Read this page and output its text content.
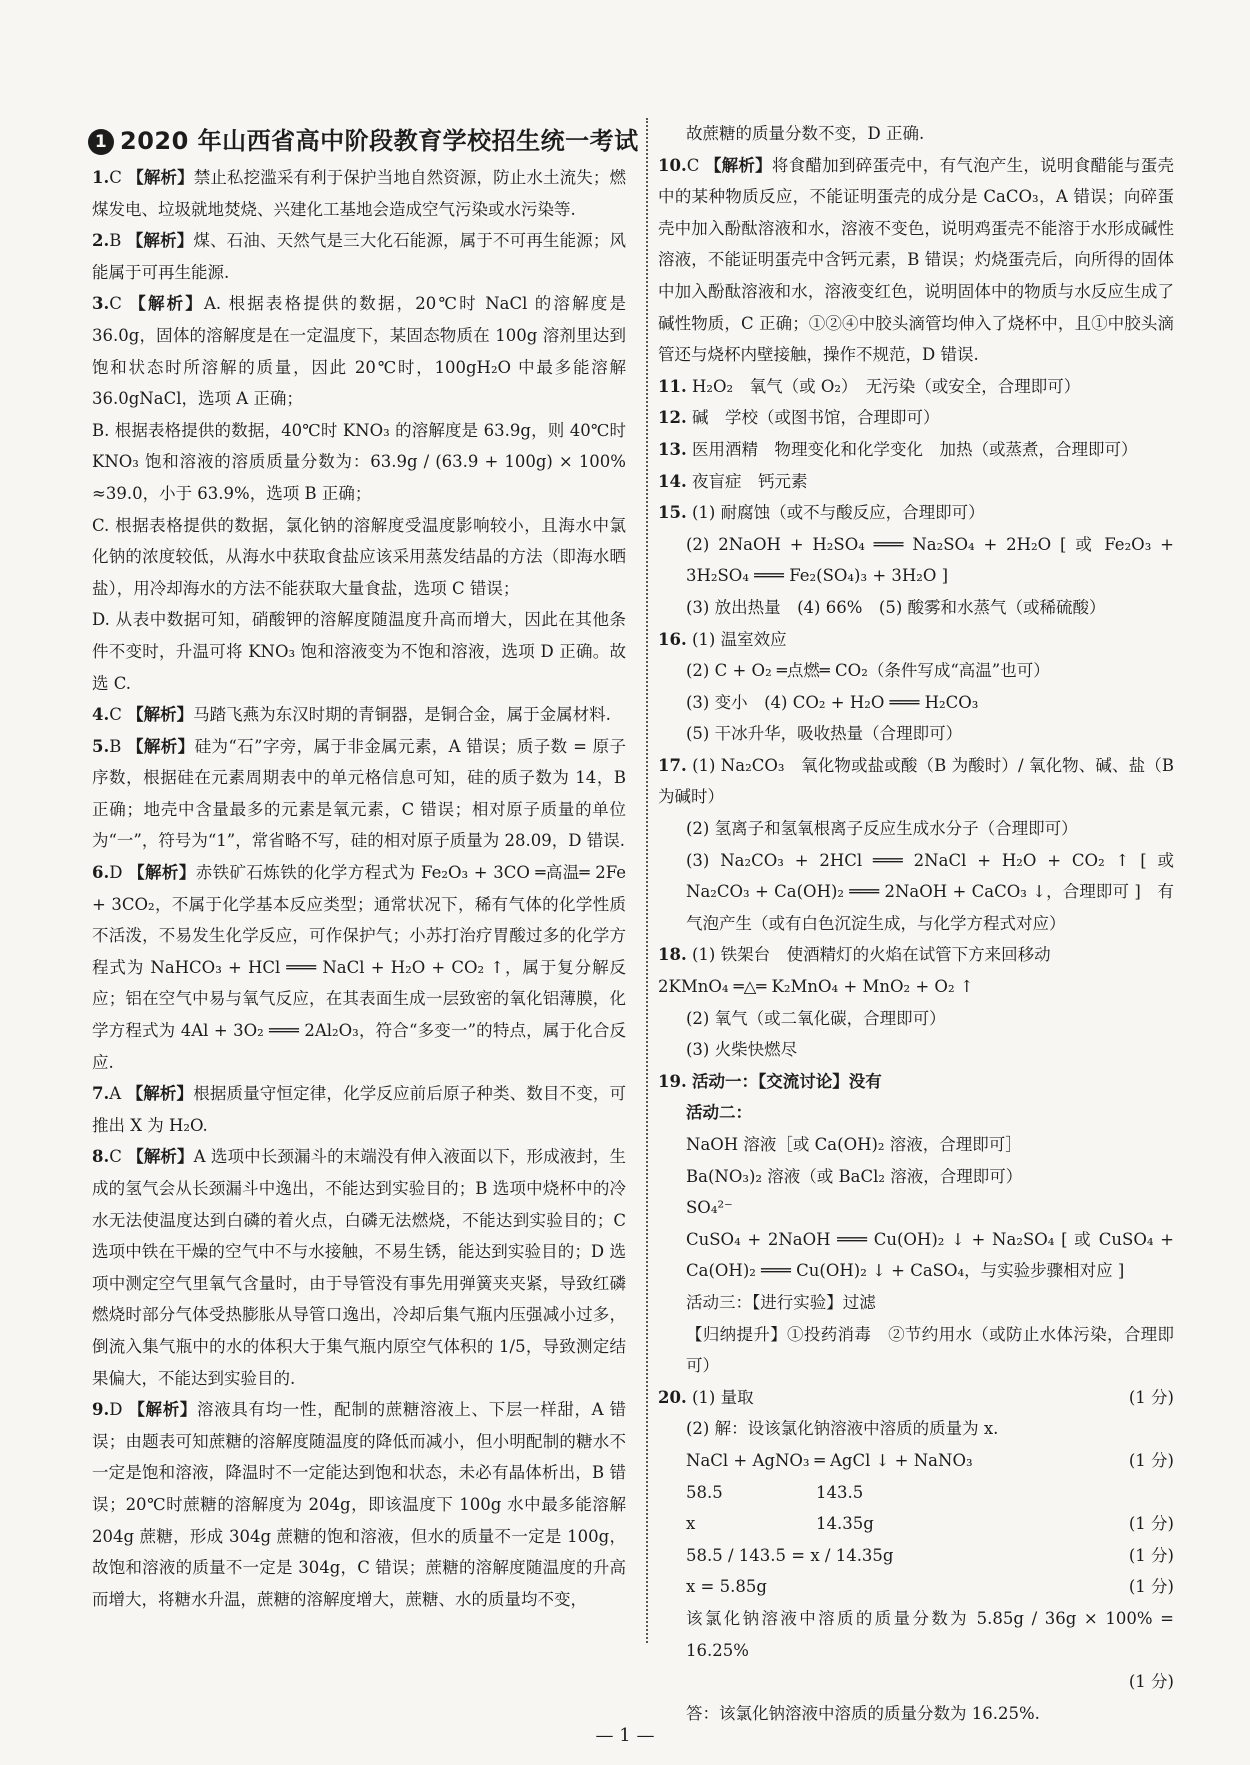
1 2020 年山西省高中阶段教育学校招生统一考试
1.C 【解析】禁止私挖滥采有利于保护当地自然资源，防止水土流失；燃煤发电、垃圾就地焚烧、兴建化工基地会造成空气污染或水污染等.
2.B 【解析】煤、石油、天然气是三大化石能源，属于不可再生能源；风能属于可再生能源.
3.C 【解析】A. 根据表格提供的数据，20℃时 NaCl 的溶解度是 36.0g，固体的溶解度是在一定温度下，某固态物质在 100g 溶剂里达到饱和状态时所溶解的质量，因此 20℃时，100gH₂O 中最多能溶解 36.0gNaCl，选项 A 正确；

B. 根据表格提供的数据，40℃时 KNO₃ 的溶解度是 63.9g，则 40℃时 KNO₃ 饱和溶液的溶质质量分数为：63.9g / (63.9 + 100g) × 100% ≈39.0，小于 63.9%，选项 B 正确；

C. 根据表格提供的数据，氯化钠的溶解度受温度影响较小，且海水中氯化钠的浓度较低，从海水中获取食盐应该采用蒸发结晶的方法（即海水晒盐），用冷却海水的方法不能获取大量食盐，选项 C 错误；

D. 从表中数据可知，硝酸钾的溶解度随温度升高而增大，因此在其他条件不变时，升温可将 KNO₃ 饱和溶液变为不饱和溶液，选项 D 正确。故选 C.

4.C 【解析】马踏飞燕为东汉时期的青铜器，是铜合金，属于金属材料.
5.B 【解析】硅为“石”字旁，属于非金属元素，A 错误；质子数 = 原子序数，根据硅在元素周期表中的单元格信息可知，硅的质子数为 14，B 正确；地壳中含量最多的元素是氧元素，C 错误；相对原子质量的单位为“一”，符号为“1”，常省略不写，硅的相对原子质量为 28.09，D 错误.
6.D 【解析】赤铁矿石炼铁的化学方程式为 Fe₂O₃ + 3CO ═高温═ 2Fe + 3CO₂，不属于化学基本反应类型；通常状况下，稀有气体的化学性质不活泼，不易发生化学反应，可作保护气；小苏打治疗胃酸过多的化学方程式为 NaHCO₃ + HCl ═══ NaCl + H₂O + CO₂ ↑，属于复分解反应；铝在空气中易与氧气反应，在其表面生成一层致密的氧化铝薄膜，化学方程式为 4Al + 3O₂ ═══ 2Al₂O₃，符合“多变一”的特点，属于化合反应.
7.A 【解析】根据质量守恒定律，化学反应前后原子种类、数目不变，可推出 X 为 H₂O.
8.C 【解析】A 选项中长颈漏斗的末端没有伸入液面以下，形成液封，生成的氢气会从长颈漏斗中逸出，不能达到实验目的；B 选项中烧杯中的冷水无法使温度达到白磷的着火点，白磷无法燃烧，不能达到实验目的；C 选项中铁在干燥的空气中不与水接触，不易生锈，能达到实验目的；D 选项中测定空气里氧气含量时，由于导管没有事先用弹簧夹夹紧，导致红磷燃烧时部分气体受热膨胀从导管口逸出，冷却后集气瓶内压强减小过多，倒流入集气瓶中的水的体积大于集气瓶内原空气体积的 1/5，导致测定结果偏大，不能达到实验目的.
9.D 【解析】溶液具有均一性，配制的蔗糖溶液上、下层一样甜，A 错误；由题表可知蔗糖的溶解度随温度的降低而减小，但小明配制的糖水不一定是饱和溶液，降温时不一定能达到饱和状态，未必有晶体析出，B 错误；20℃时蔗糖的溶解度为 204g，即该温度下 100g 水中最多能溶解 204g 蔗糖，形成 304g 蔗糖的饱和溶液，但水的质量不一定是 100g，故饱和溶液的质量不一定是 304g，C 错误；蔗糖的溶解度随温度的升高而增大，将糖水升温，蔗糖的溶解度增大，蔗糖、水的质量均不变，

故蔗糖的质量分数不变，D 正确.

10.C 【解析】将食醋加到碎蛋壳中，有气泡产生，说明食醋能与蛋壳中的某种物质反应，不能证明蛋壳的成分是 CaCO₃，A 错误；向碎蛋壳中加入酚酞溶液和水，溶液不变色，说明鸡蛋壳不能溶于水形成碱性溶液，不能证明蛋壳中含钙元素，B 错误；灼烧蛋壳后，向所得的固体中加入酚酞溶液和水，溶液变红色，说明固体中的物质与水反应生成了碱性物质，C 正确；①②④中胶头滴管均伸入了烧杯中，且①中胶头滴管还与烧杯内壁接触，操作不规范，D 错误.
11. H₂O₂　氧气（或 O₂）　无污染（或安全，合理即可）
12. 碱　学校（或图书馆，合理即可）
13. 医用酒精　物理变化和化学变化　加热（或蒸煮，合理即可）
14. 夜盲症　钙元素
15. (1) 耐腐蚀（或不与酸反应，合理即可）

(2) 2NaOH + H₂SO₄ ═══ Na₂SO₄ + 2H₂O [ 或 Fe₂O₃ + 3H₂SO₄ ═══ Fe₂(SO₄)₃ + 3H₂O ]

(3) 放出热量　(4) 66%　(5) 酸雾和水蒸气（或稀硫酸）

16. (1) 温室效应

(2) C + O₂ ═点燃═ CO₂（条件写成“高温”也可）

(3) 变小　(4) CO₂ + H₂O ═══ H₂CO₃

(5) 干冰升华，吸收热量（合理即可）

17. (1) Na₂CO₃　氧化物或盐或酸（B 为酸时）/ 氧化物、碱、盐（B 为碱时）

(2) 氢离子和氢氧根离子反应生成水分子（合理即可）

(3) Na₂CO₃ + 2HCl ═══ 2NaCl + H₂O + CO₂ ↑ [ 或 Na₂CO₃ + Ca(OH)₂ ═══ 2NaOH + CaCO₃ ↓，合理即可 ]　有气泡产生（或有白色沉淀生成，与化学方程式对应）

18. (1) 铁架台　使酒精灯的火焰在试管下方来回移动

2KMnO₄ ═△═ K₂MnO₄ + MnO₂ + O₂ ↑

(2) 氧气（或二氧化碳，合理即可）

(3) 火柴快燃尽

19. 活动一：【交流讨论】没有

活动二：

NaOH 溶液［或 Ca(OH)₂ 溶液，合理即可］

Ba(NO₃)₂ 溶液（或 BaCl₂ 溶液，合理即可）

SO₄²⁻

CuSO₄ + 2NaOH ═══ Cu(OH)₂ ↓ + Na₂SO₄ [ 或 CuSO₄ + Ca(OH)₂ ═══ Cu(OH)₂ ↓ + CaSO₄，与实验步骤相对应 ]

活动三：【进行实验】过滤

【归纳提升】①投药消毒　②节约用水（或防止水体污染，合理即可）

20. (1) 量取	(1 分)

(2) 解：设该氯化钠溶液中溶质的质量为 x.

NaCl + AgNO₃ ═ AgCl ↓ + NaNO₃	(1 分)
58.5	143.5
x	14.35g	(1 分)
58.5 / 143.5 = x / 14.35g	(1 分)
x = 5.85g	(1 分)

该氯化钠溶液中溶质的质量分数为 5.85g / 36g × 100% = 16.25%

(1 分)

答：该氯化钠溶液中溶质的质量分数为 16.25%.

— 1 —
